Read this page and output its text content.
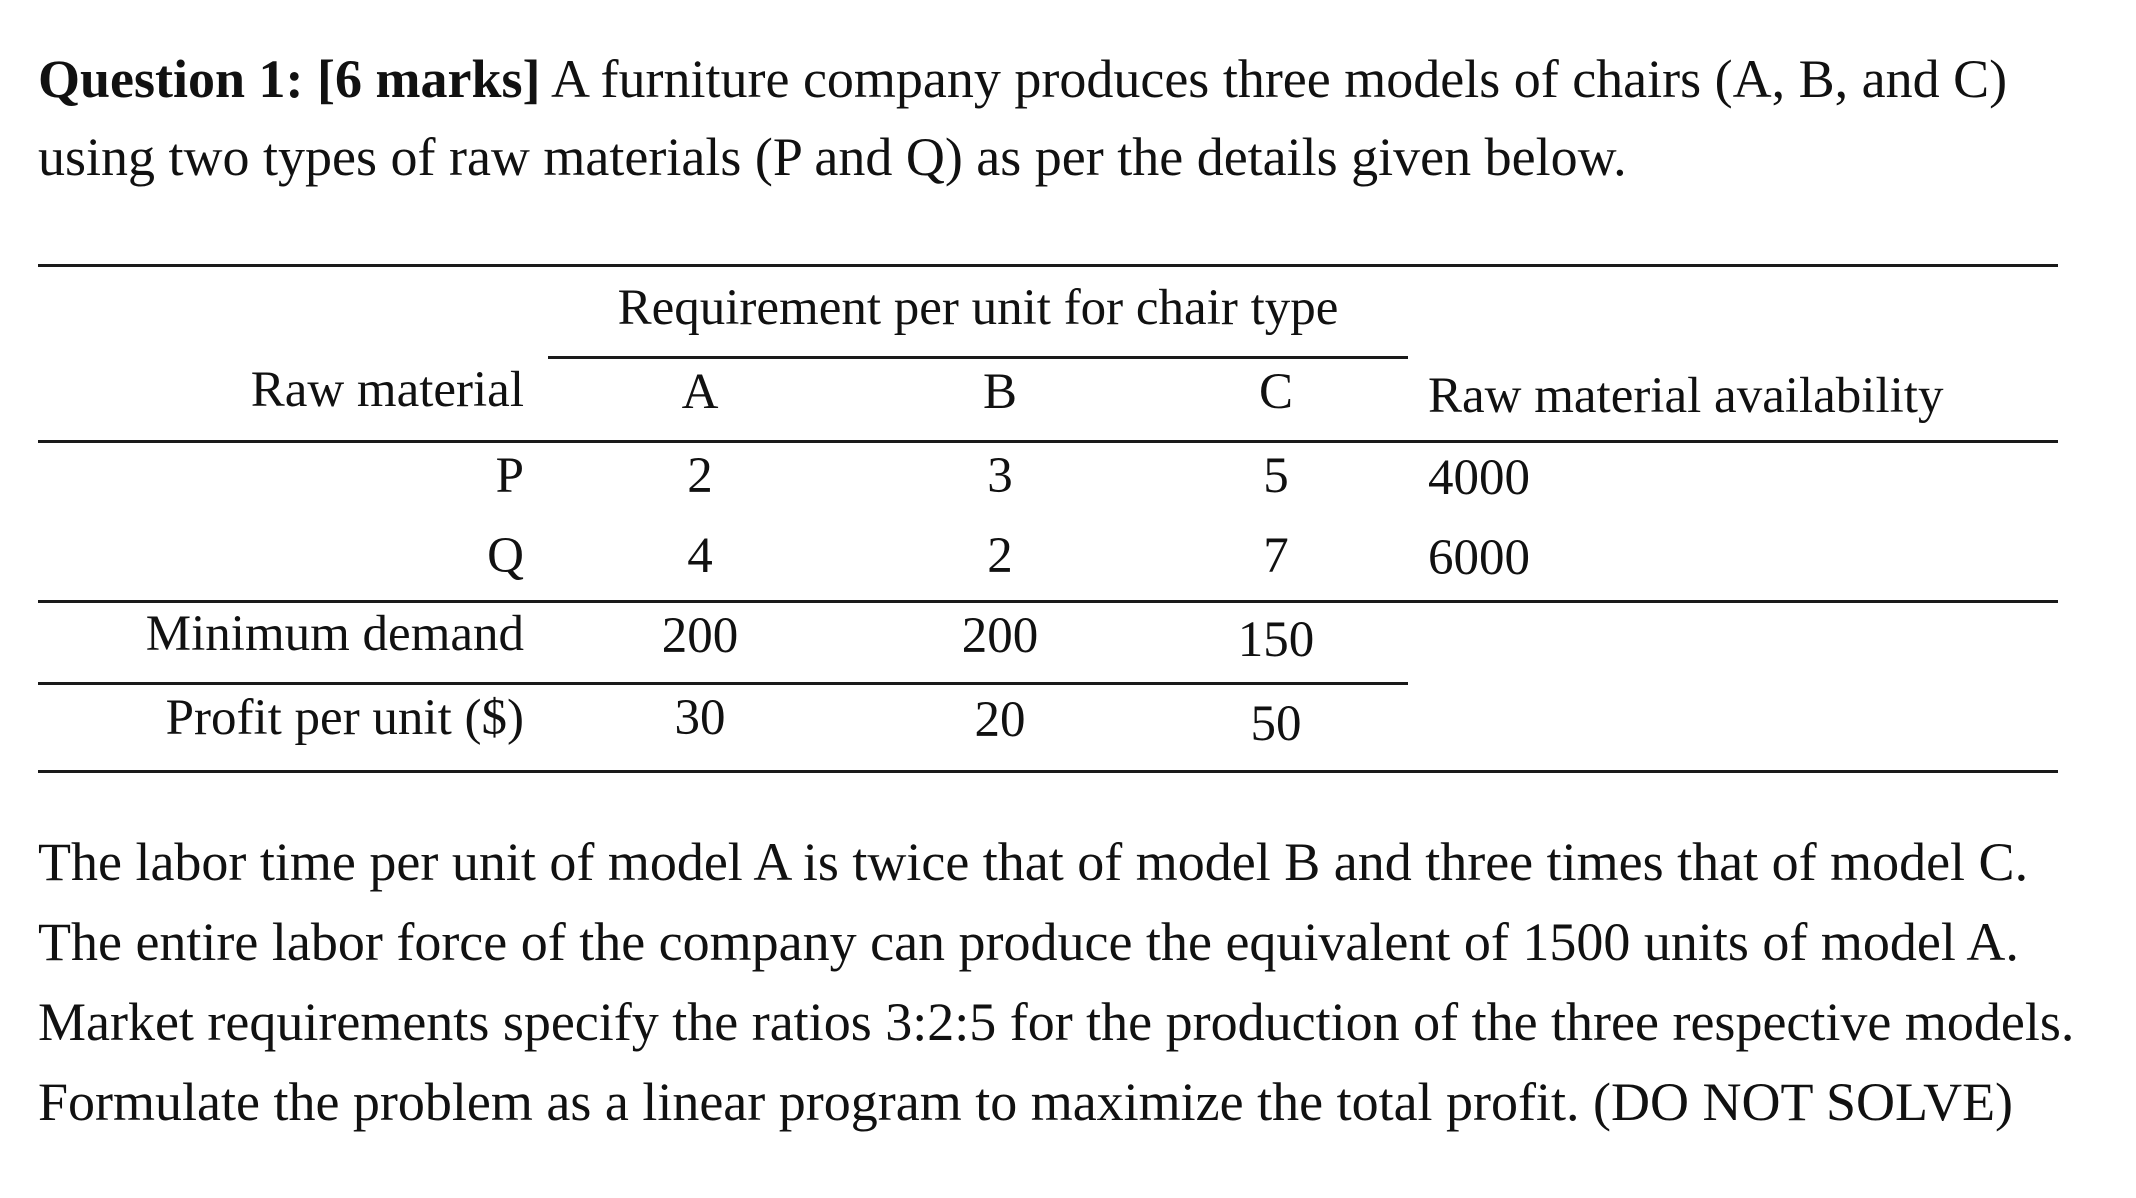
Question 1: [6 marks] A furniture company produces three models of chairs (A, B, and C) using two types of raw materials (P and Q) as per the details given below.
Requirement per unit for chair type
Raw material	A	B	C	Raw material availability
P	2	3	5	4000
Q	4	2	7	6000
Minimum demand	200	200	150
Profit per unit ($)	30	20	50
The labor time per unit of model A is twice that of model B and three times that of model C.
The entire labor force of the company can produce the equivalent of 1500 units of model A.
Market requirements specify the ratios 3:2:5 for the production of the three respective models.
Formulate the problem as a linear program to maximize the total profit. (DO NOT SOLVE)
